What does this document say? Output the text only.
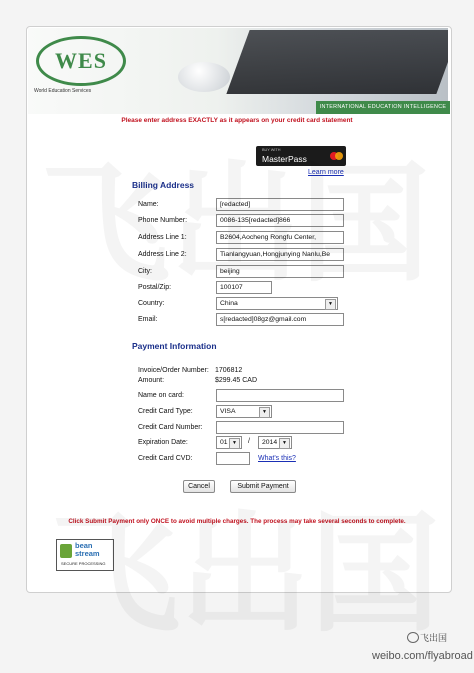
WES
World Education Services
INTERNATIONAL EDUCATION INTELLIGENCE
Please enter address EXACTLY as it appears on your credit card statement
BUY WITH
MasterPass
Learn more
Billing Address
Name:	[redacted]
Phone Number:	0086-135[redacted]866
Address Line 1:	B2604,Aocheng Rongfu Center,
Address Line 2:	Tianlangyuan,Hongjunying Nanlu,Be
City:	beijing
Postal/Zip:	100107
Country:	China	▼
Email:	s[redacted]08gz@gmail.com
Payment Information
Invoice/Order Number: 1706812
Amount:	$299.45 CAD
Name on card:
Credit Card Type:	VISA	▼
Credit Card Number:
Expiration Date:	01 ▼	/	2014 ▼
Credit Card CVD:	What's this?
Cancel	Submit Payment
Click Submit Payment only ONCE to avoid multiple charges. The process may take several seconds to complete.
bean
stream
SECURE PROCESSING
飞出国
weibo.com/flyabroad
